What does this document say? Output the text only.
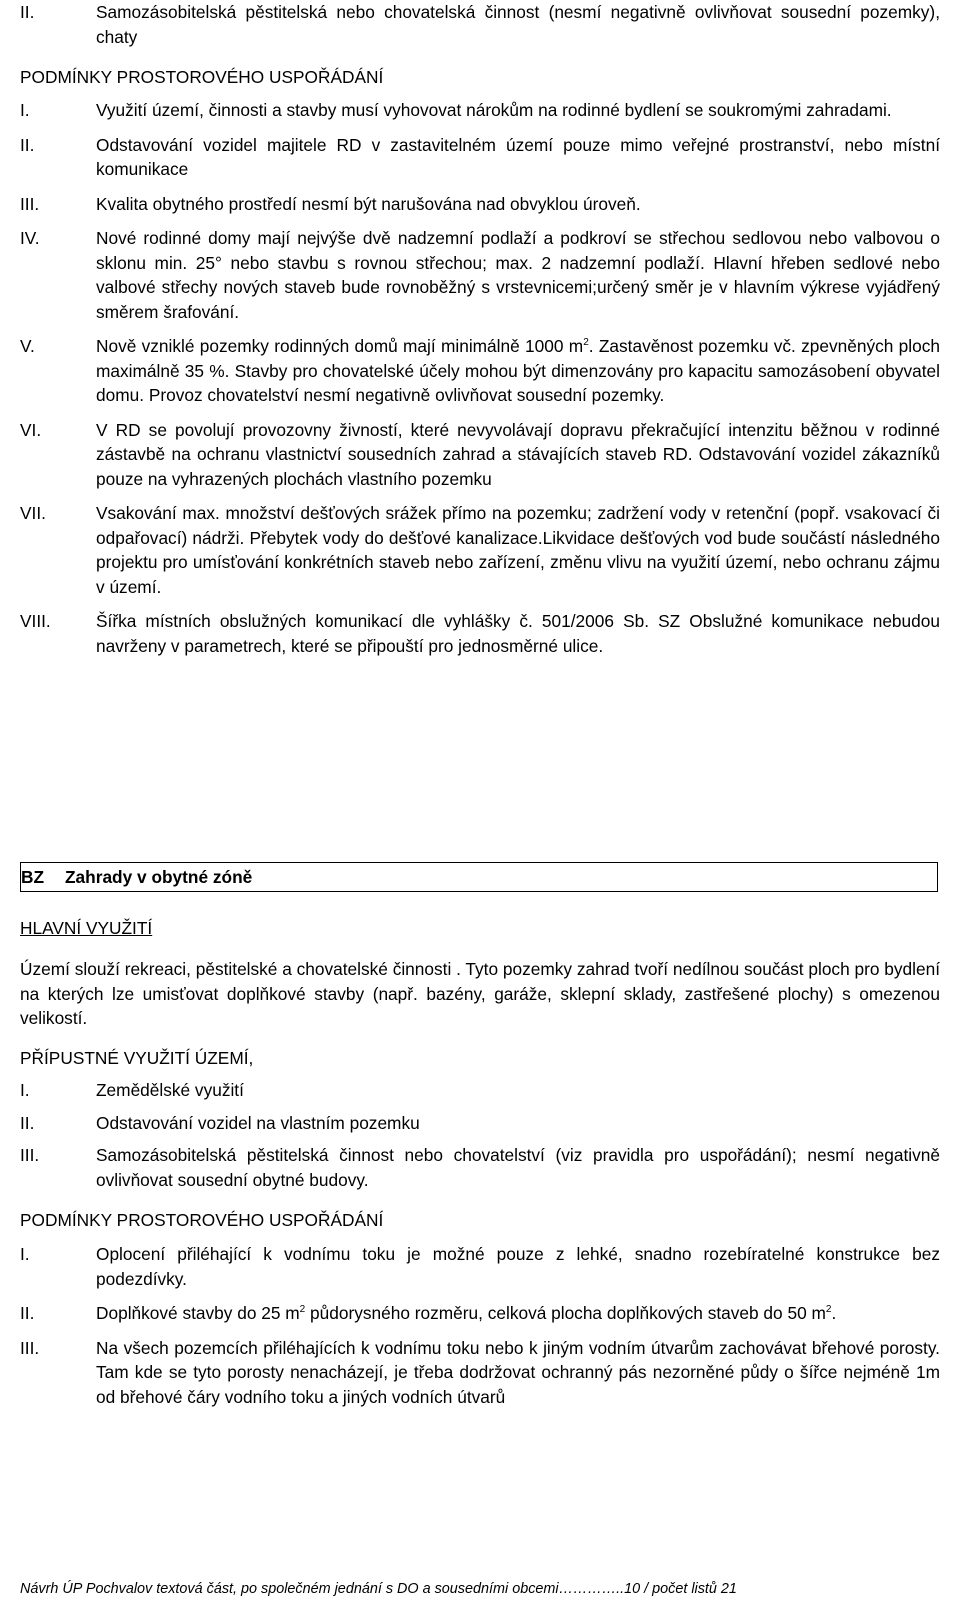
II.	Samozásobitelská pěstitelská nebo chovatelská činnost (nesmí negativně ovlivňovat sousední pozemky), chaty
PODMÍNKY PROSTOROVÉHO USPOŘÁDÁNÍ
I.	Využití území, činnosti a stavby musí vyhovovat nárokům na rodinné bydlení se soukromými zahradami.
II.	Odstavování vozidel majitele RD v zastavitelném území pouze mimo veřejné prostranství, nebo místní komunikace
III.	Kvalita obytného prostředí nesmí být narušována nad obvyklou úroveň.
IV.	Nové rodinné domy mají nejvýše dvě nadzemní podlaží a podkroví se střechou sedlovou nebo valbovou o sklonu min. 25° nebo stavbu s rovnou střechou; max. 2 nadzemní podlaží. Hlavní hřeben sedlové nebo valbové střechy nových staveb bude rovnoběžný s vrstevnicemi;určený směr je v hlavním výkrese vyjádřený směrem šrafování.
V.	Nově vzniklé pozemky rodinných domů mají minimálně 1000 $m^2$. Zastavěnost pozemku vč. zpevněných ploch maximálně 35 %. Stavby pro chovatelské účely mohou být dimenzovány pro kapacitu samozásobení obyvatel domu. Provoz chovatelství nesmí negativně ovlivňovat sousední pozemky.
VI.	V RD se povolují provozovny živností, které nevyvolávají dopravu překračující intenzitu běžnou v rodinné zástavbě na ochranu vlastnictví sousedních zahrad a stávajících staveb RD. Odstavování vozidel zákazníků pouze na vyhrazených plochách vlastního pozemku
VII.	Vsakování max. množství dešťových srážek přímo na pozemku; zadržení vody v retenční (popř. vsakovací či odpařovací) nádrži. Přebytek vody do dešťové kanalizace.Likvidace dešťových vod bude součástí následného projektu pro umísťování konkrétních staveb nebo zařízení, změnu vlivu na využití území, nebo ochranu zájmu v území.
VIII.	Šířka místních obslužných komunikací dle vyhlášky č. 501/2006 Sb. SZ Obslužné komunikace nebudou navrženy v parametrech, které se připouští pro jednosměrné ulice.
BZ Zahrady v obytné zóně
HLAVNÍ VYUŽITÍ
Území slouží rekreaci, pěstitelské a chovatelské činnosti . Tyto pozemky zahrad tvoří nedílnou součást ploch pro bydlení na kterých lze umisťovat doplňkové stavby (např. bazény, garáže, sklepní sklady, zastřešené plochy) s omezenou velikostí.
PŘÍPUSTNÉ VYUŽITÍ ÚZEMÍ,
I.	Zemědělské využití
II.	Odstavování vozidel na vlastním pozemku
III.	Samozásobitelská pěstitelská činnost nebo chovatelství (viz pravidla pro uspořádání); nesmí negativně ovlivňovat sousední obytné budovy.
PODMÍNKY PROSTOROVÉHO USPOŘÁDÁNÍ
I.	Oplocení přiléhající k vodnímu toku je možné pouze z lehké, snadno rozebíratelné konstrukce bez podezdívky.
II.	Doplňkové stavby do 25 $m^2$ půdorysného rozměru, celková plocha doplňkových staveb do 50 $m^2$.
III.	Na všech pozemcích přiléhajících k vodnímu toku nebo k jiným vodním útvarům zachovávat břehové porosty. Tam kde se tyto porosty nenacházejí, je třeba dodržovat ochranný pás nezorněné půdy o šířce nejméně 1m od břehové čáry vodního toku a jiných vodních útvarů
Návrh ÚP Pochvalov textová část, po společném jednání s DO a sousedními obcemi…………..10 / počet listů 21
